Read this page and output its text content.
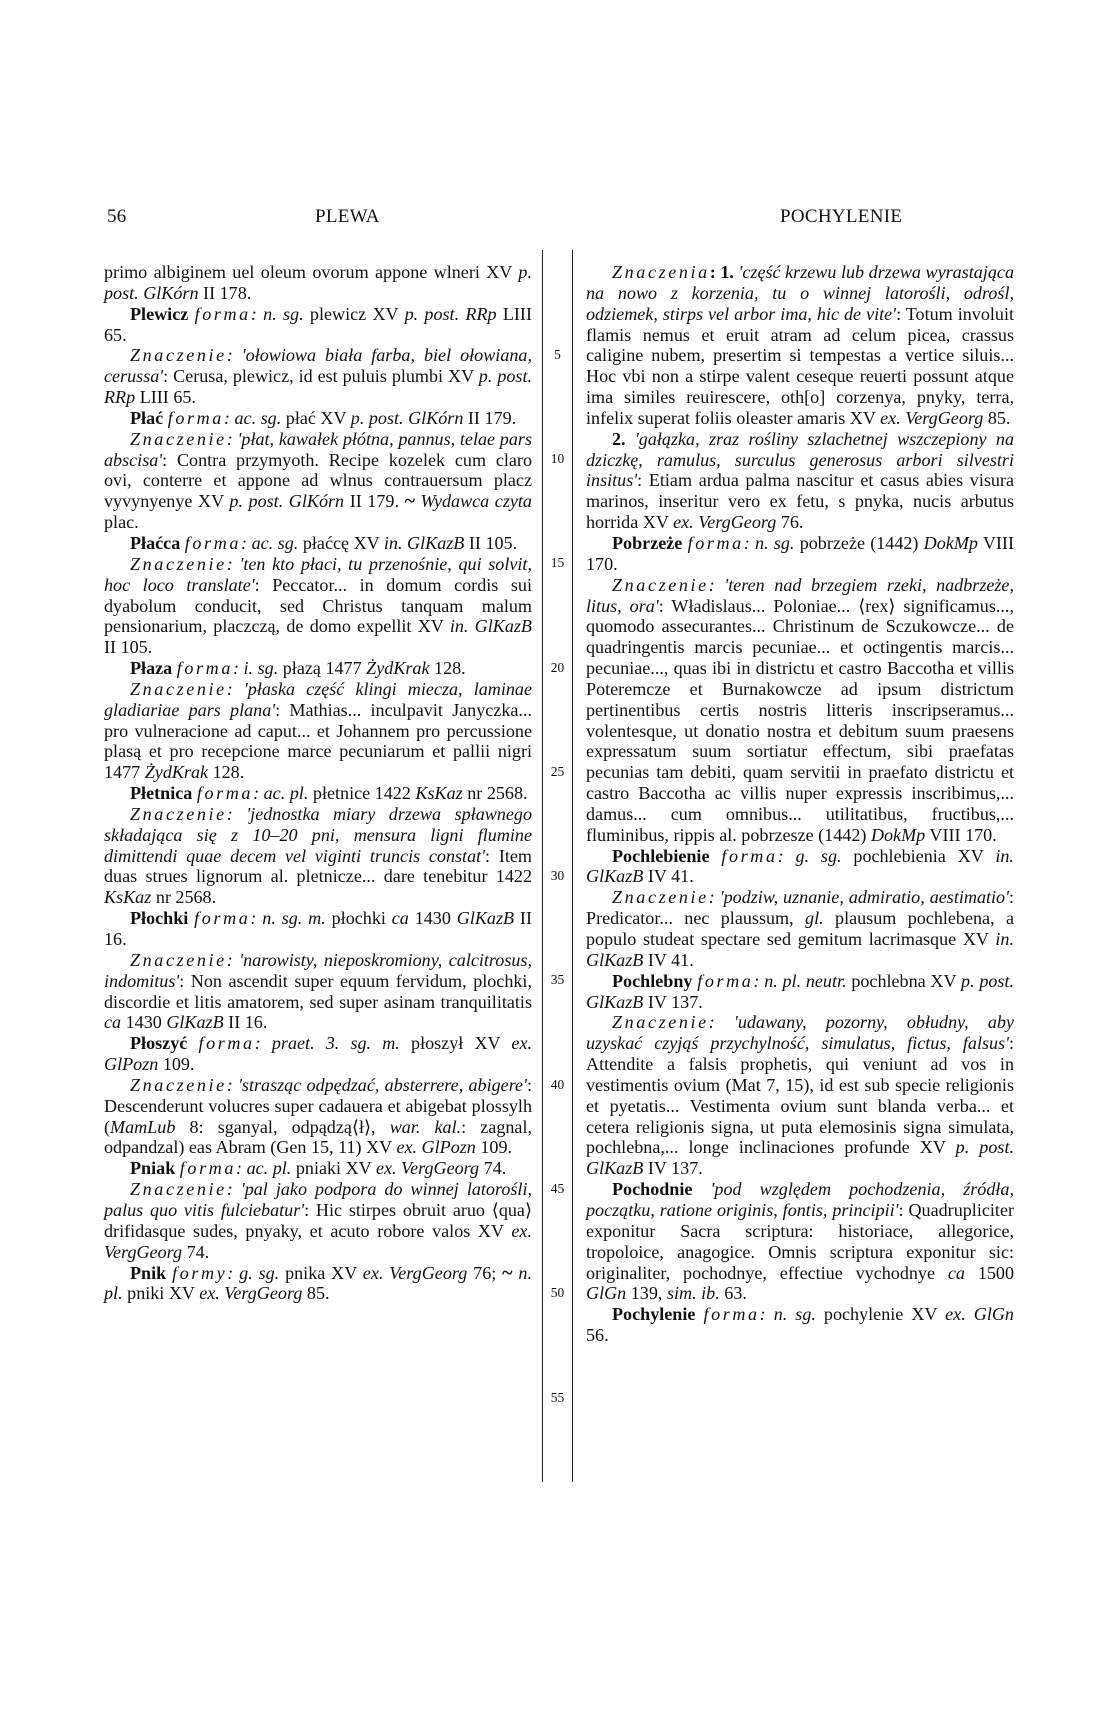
56	PLEWA	POCHYLENIE
5
10
15
20
25
30
35
40
45
50
55

primo albiginem uel oleum ovorum appone wlneri XV p. post. GlKórn II 178.

Plewicz forma: n. sg. plewicz XV p. post. RRp LIII 65.

Znaczenie: 'ołowiowa biała farba, biel ołowiana, cerussa': Cerusa, plewicz, id est puluis plumbi XV p. post. RRp LIII 65.

Płać forma: ac. sg. płać XV p. post. GlKórn II 179.

Znaczenie: 'płat, kawałek płótna, pannus, telae pars abscisa': Contra przymyoth. Recipe kozelek cum claro ovi, conterre et appone ad wlnus contrauersum placz vyvynyenye XV p. post. GlKórn II 179. ~ Wydawca czyta plac.

Płaćca forma: ac. sg. płaćcę XV in. GlKazB II 105.

Znaczenie: 'ten kto płaci, tu przenośnie, qui solvit, hoc loco translate': Peccator... in domum cordis sui dyabolum conducit, sed Christus tanquam malum pensionarium, placzczą, de domo expellit XV in. GlKazB II 105.

Płaza forma: i. sg. płazą 1477 ŻydKrak 128.

Znaczenie: 'płaska część klingi miecza, laminae gladiariae pars plana': Mathias... inculpavit Janyczka... pro vulneracione ad caput... et Johannem pro percussione plasą et pro recepcione marce pecuniarum et pallii nigri 1477 ŻydKrak 128.

Płetnica forma: ac. pl. płetnice 1422 KsKaz nr 2568.

Znaczenie: 'jednostka miary drzewa spławnego składająca się z 10–20 pni, mensura ligni flumine dimittendi quae decem vel viginti truncis constat': Item duas strues lignorum al. pletnicze... dare tenebitur 1422 KsKaz nr 2568.

Płochki forma: n. sg. m. płochki ca 1430 GlKazB II 16.

Znaczenie: 'narowisty, nieposkromiony, calcitrosus, indomitus': Non ascendit super equum fervidum, plochki, discordie et litis amatorem, sed super asinam tranquilitatis ca 1430 GlKazB II 16.

Płoszyć forma: praet. 3. sg. m. płoszył XV ex. GlPozn 109.

Znaczenie: 'strasząc odpędzać, absterrere, abigere': Descenderunt volucres super cadauera et abigebat plossylh (MamLub 8: sganyal, odpądzą⟨ł⟩, war. kal.: zagnal, odpandzal) eas Abram (Gen 15, 11) XV ex. GlPozn 109.

Pniak forma: ac. pl. pniaki XV ex. VergGeorg 74.

Znaczenie: 'pal jako podpora do winnej latorośli, palus quo vitis fulciebatur': Hic stirpes obruit aruo ⟨qua⟩drifidasque sudes, pnyaky, et acuto robore valos XV ex. VergGeorg 74.

Pnik formy: g. sg. pnika XV ex. VergGeorg 76; ~ n. pl. pniki XV ex. VergGeorg 85.

Znaczenia: 1. 'część krzewu lub drzewa wyrastająca na nowo z korzenia, tu o winnej latorośli, odrośl, odziemek, stirps vel arbor ima, hic de vite': Totum involuit flamis nemus et eruit atram ad celum picea, crassus caligine nubem, presertim si tempestas a vertice siluis... Hoc vbi non a stirpe valent ceseque reuerti possunt atque ima similes reuirescere, oth[o] corzenya, pnyky, terra, infelix superat foliis oleaster amaris XV ex. VergGeorg 85.

2. 'gałązka, zraz rośliny szlachetnej wszczepiony na dziczkę, ramulus, surculus generosus arbori silvestri insitus': Etiam ardua palma nascitur et casus abies visura marinos, inseritur vero ex fetu, s pnyka, nucis arbutus horrida XV ex. VergGeorg 76.

Pobrzeże forma: n. sg. pobrzeże (1442) DokMp VIII 170.

Znaczenie: 'teren nad brzegiem rzeki, nadbrzeże, litus, ora': Władislaus... Poloniae... ⟨rex⟩ significamus..., quomodo assecurantes... Christinum de Sczukowcze... de quadringentis marcis pecuniae... et octingentis marcis... pecuniae..., quas ibi in districtu et castro Baccotha et villis Poteremcze et Burnakowcze ad ipsum districtum pertinentibus certis nostris litteris inscripseramus... volentesque, ut donatio nostra et debitum suum praesens expressatum suum sortiatur effectum, sibi praefatas pecunias tam debiti, quam servitii in praefato districtu et castro Baccotha ac villis nuper expressis inscribimus,... damus... cum omnibus... utilitatibus, fructibus,... fluminibus, rippis al. pobrzesze (1442) DokMp VIII 170.

Pochlebienie forma: g. sg. pochlebienia XV in. GlKazB IV 41.

Znaczenie: 'podziw, uznanie, admiratio, aestimatio': Predicator... nec plaussum, gl. plausum pochlebena, a populo studeat spectare sed gemitum lacrimasque XV in. GlKazB IV 41.

Pochlebny forma: n. pl. neutr. pochlebna XV p. post. GlKazB IV 137.

Znaczenie: 'udawany, pozorny, obłudny, aby uzyskać czyjąś przychylność, simulatus, fictus, falsus': Attendite a falsis prophetis, qui veniunt ad vos in vestimentis ovium (Mat 7, 15), id est sub specie religionis et pyetatis... Vestimenta ovium sunt blanda verba... et cetera religionis signa, ut puta elemosinis signa simulata, pochlebna,... longe inclinaciones profunde XV p. post. GlKazB IV 137.

Pochodnie 'pod względem pochodzenia, źródła, początku, ratione originis, fontis, principii': Quadrupliciter exponitur Sacra scriptura: historiace, allegorice, tropoloice, anagogice. Omnis scriptura exponitur sic: originaliter, pochodnye, effectiue vychodnye ca 1500 GlGn 139, sim. ib. 63.

Pochylenie forma: n. sg. pochylenie XV ex. GlGn 56.
